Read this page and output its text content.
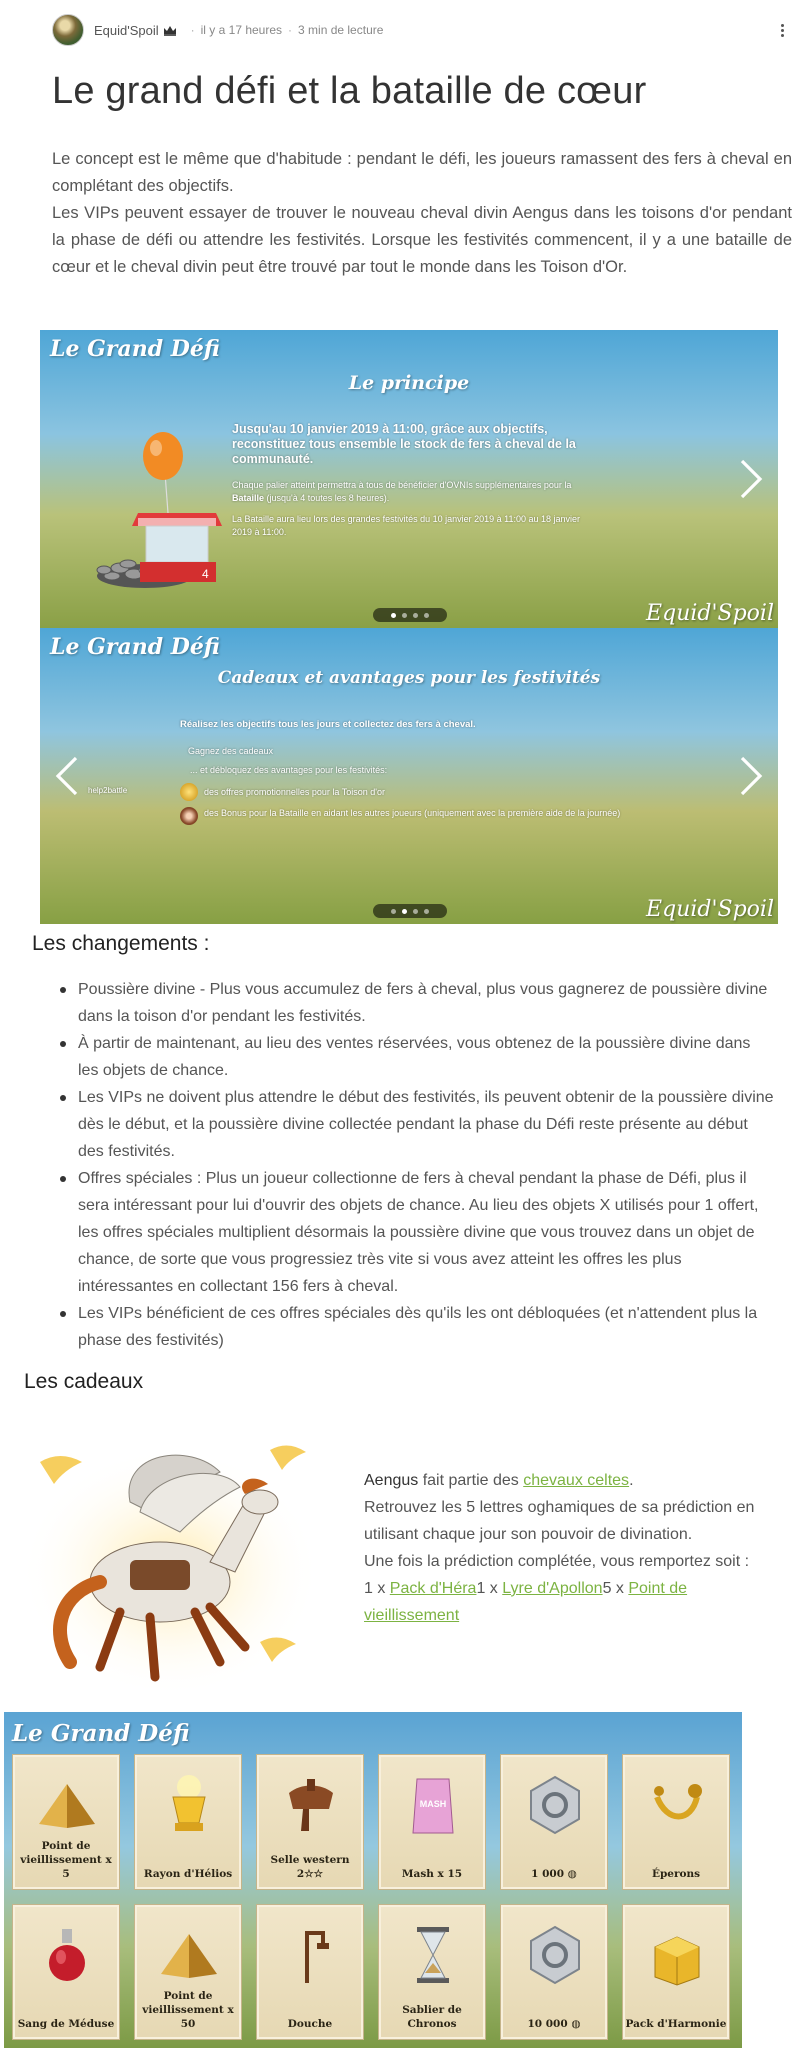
Equid'Spoil	· il y a 17 heures · 3 min de lecture
Le grand défi et la bataille de cœur

Le concept est le même que d'habitude : pendant le défi, les joueurs ramassent des fers à cheval en complétant des objectifs.

Les VIPs peuvent essayer de trouver le nouveau cheval divin Aengus dans les toisons d'or pendant la phase de défi ou attendre les festivités. Lorsque les festivités commencent, il y a une bataille de cœur et le cheval divin peut être trouvé par tout le monde dans les Toison d'Or.

Le Grand Défi
Le principe
4
Jusqu'au 10 janvier 2019 à 11:00, grâce aux objectifs, reconstituez tous ensemble le stock de fers à cheval de la communauté.
Chaque palier atteint permettra à tous de bénéficier d'OVNIs supplémentaires pour la Bataille (jusqu'à 4 toutes les 8 heures).
La Bataille aura lieu lors des grandes festivités du 10 janvier 2019 à 11:00 au 18 janvier 2019 à 11:00.
Equid'Spoil
Le Grand Défi
Cadeaux et avantages pour les festivités
Réalisez les objectifs tous les jours et collectez des fers à cheval.
Gagnez des cadeaux
... et débloquez des avantages pour les festivités:
des offres promotionnelles pour la Toison d'or
des Bonus pour la Bataille en aidant les autres joueurs (uniquement avec la première aide de la journée)
help2battle
Equid'Spoil
Les changements :
Poussière divine - Plus vous accumulez de fers à cheval, plus vous gagnerez de poussière divine dans la toison d'or pendant les festivités.
À partir de maintenant, au lieu des ventes réservées, vous obtenez de la poussière divine dans les objets de chance.
Les VIPs ne doivent plus attendre le début des festivités, ils peuvent obtenir de la poussière divine dès le début, et la poussière divine collectée pendant la phase du Défi reste présente au début des festivités.
Offres spéciales : Plus un joueur collectionne de fers à cheval pendant la phase de Défi, plus il sera intéressant pour lui d'ouvrir des objets de chance. Au lieu des objets X utilisés pour 1 offert, les offres spéciales multiplient désormais la poussière divine que vous trouvez dans un objet de chance, de sorte que vous progressiez très vite si vous avez atteint les offres les plus intéressantes en collectant 156 fers à cheval.
Les VIPs bénéficient de ces offres spéciales dès qu'ils les ont débloquées (et n'attendent plus la phase des festivités)
Les cadeaux
Aengus fait partie des chevaux celtes.
Retrouvez les 5 lettres oghamiques de sa prédiction en utilisant chaque jour son pouvoir de divination.
Une fois la prédiction complétée, vous remportez soit :
1 x Pack d'Héra1 x Lyre d'Apollon5 x Point de vieillissement
Le Grand Défi
Point de vieillissement x 5	Rayon d'Hélios
Selle western 2☆☆
MASH
Mash x 15	1 000 ◍	Éperons
Sang de Méduse
Point de vieillissement x 50	Douche
Sablier de Chronos	10 000 ◍	Pack d'Harmonie
